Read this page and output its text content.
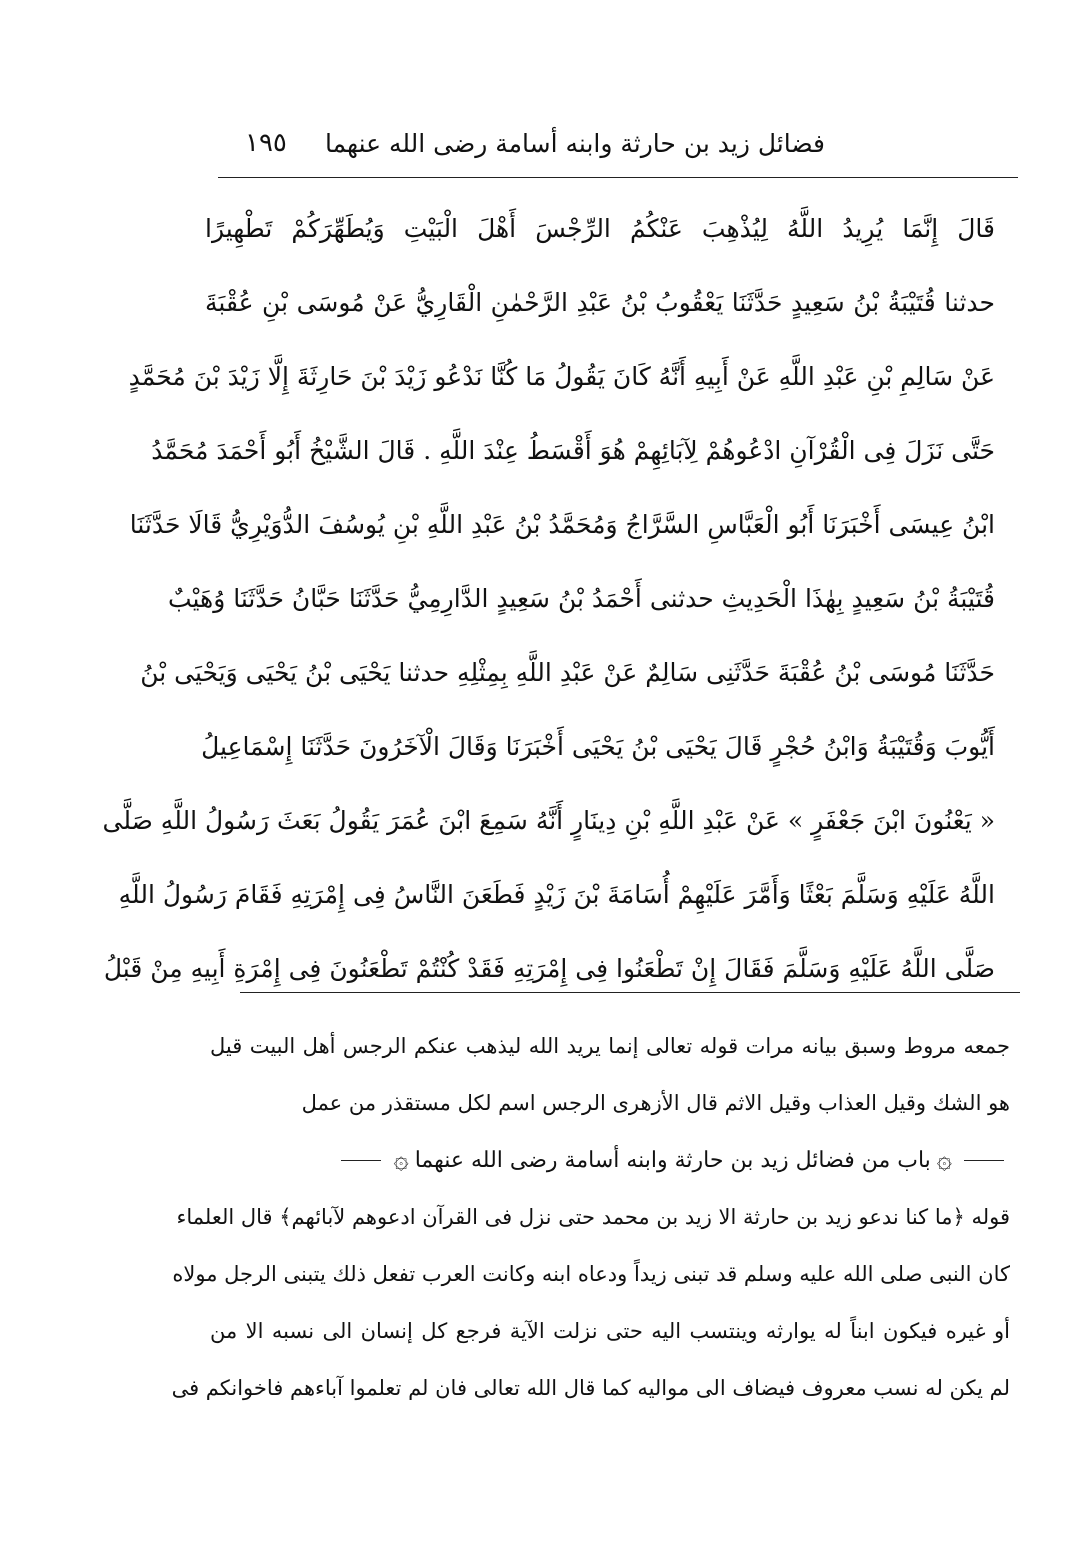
١٩٥ فضائل زيد بن حارثة وابنه أسامة رضى الله عنهما
قَالَ إِنَّمَا يُرِيدُ اللَّهُ لِيُذْهِبَ عَنْكُمُ الرِّجْسَ أَهْلَ الْبَيْتِ وَيُطَهِّرَكُمْ تَطْهِيرًا
حدثنا قُتَيْبَةُ بْنُ سَعِيدٍ حَدَّثَنَا يَعْقُوبُ بْنُ عَبْدِ الرَّحْمٰنِ الْقَارِيُّ عَنْ مُوسَى بْنِ عُقْبَةَ
عَنْ سَالِمِ بْنِ عَبْدِ اللَّهِ عَنْ أَبِيهِ أَنَّهُ كَانَ يَقُولُ مَا كُنَّا نَدْعُو زَيْدَ بْنَ حَارِثَةَ إِلَّا زَيْدَ بْنَ مُحَمَّدٍ
حَتَّى نَزَلَ فِى الْقُرْآنِ ادْعُوهُمْ لِآبَائِهِمْ هُوَ أَقْسَطُ عِنْدَ اللَّهِ . قَالَ الشَّيْخُ أَبُو أَحْمَدَ مُحَمَّدُ
ابْنُ عِيسَى أَخْبَرَنَا أَبُو الْعَبَّاسِ السَّرَّاجُ وَمُحَمَّدُ بْنُ عَبْدِ اللَّهِ بْنِ يُوسُفَ الدُّوَيْرِيُّ قَالَا حَدَّثَنَا
قُتَيْبَةُ بْنُ سَعِيدٍ بِهٰذَا الْحَدِيثِ حدثنى أَحْمَدُ بْنُ سَعِيدٍ الدَّارِمِيُّ حَدَّثَنَا حَبَّانُ حَدَّثَنَا وُهَيْبٌ
حَدَّثَنَا مُوسَى بْنُ عُقْبَةَ حَدَّثَنِى سَالِمٌ عَنْ عَبْدِ اللَّهِ بِمِثْلِهِ حدثنا يَحْيَى بْنُ يَحْيَى وَيَحْيَى بْنُ
أَيُّوبَ وَقُتَيْبَةُ وَابْنُ حُجْرٍ قَالَ يَحْيَى بْنُ يَحْيَى أَخْبَرَنَا وَقَالَ الْآخَرُونَ حَدَّثَنَا إِسْمَاعِيلُ
« يَعْنُونَ ابْنَ جَعْفَرٍ » عَنْ عَبْدِ اللَّهِ بْنِ دِينَارٍ أَنَّهُ سَمِعَ ابْنَ عُمَرَ يَقُولُ بَعَثَ رَسُولُ اللَّهِ صَلَّى
اللَّهُ عَلَيْهِ وَسَلَّمَ بَعْثًا وَأَمَّرَ عَلَيْهِمْ أُسَامَةَ بْنَ زَيْدٍ فَطَعَنَ النَّاسُ فِى إِمْرَتِهِ فَقَامَ رَسُولُ اللَّهِ
صَلَّى اللَّهُ عَلَيْهِ وَسَلَّمَ فَقَالَ إِنْ تَطْعَنُوا فِى إِمْرَتِهِ فَقَدْ كُنْتُمْ تَطْعَنُونَ فِى إِمْرَةِ أَبِيهِ مِنْ قَبْلُ
جمعه مروط وسبق بيانه مرات قوله تعالى إنما يريد الله ليذهب عنكم الرجس أهل البيت قيل
هو الشك وقيل العذاب وقيل الاثم قال الأزهرى الرجس اسم لكل مستقذر من عمل
۞
باب من فضائل زيد بن حارثة وابنه أسامة رضى الله عنهما
۞
قوله ﴿ما كنا ندعو زيد بن حارثة الا زيد بن محمد حتى نزل فى القرآن ادعوهم لآبائهم﴾ قال العلماء
كان النبى صلى الله عليه وسلم قد تبنى زيداً ودعاه ابنه وكانت العرب تفعل ذلك يتبنى الرجل مولاه
أو غيره فيكون ابناً له يوارثه وينتسب اليه حتى نزلت الآية فرجع كل إنسان الى نسبه الا من
لم يكن له نسب معروف فيضاف الى مواليه كما قال الله تعالى فان لم تعلموا آباءهم فاخوانكم فى
